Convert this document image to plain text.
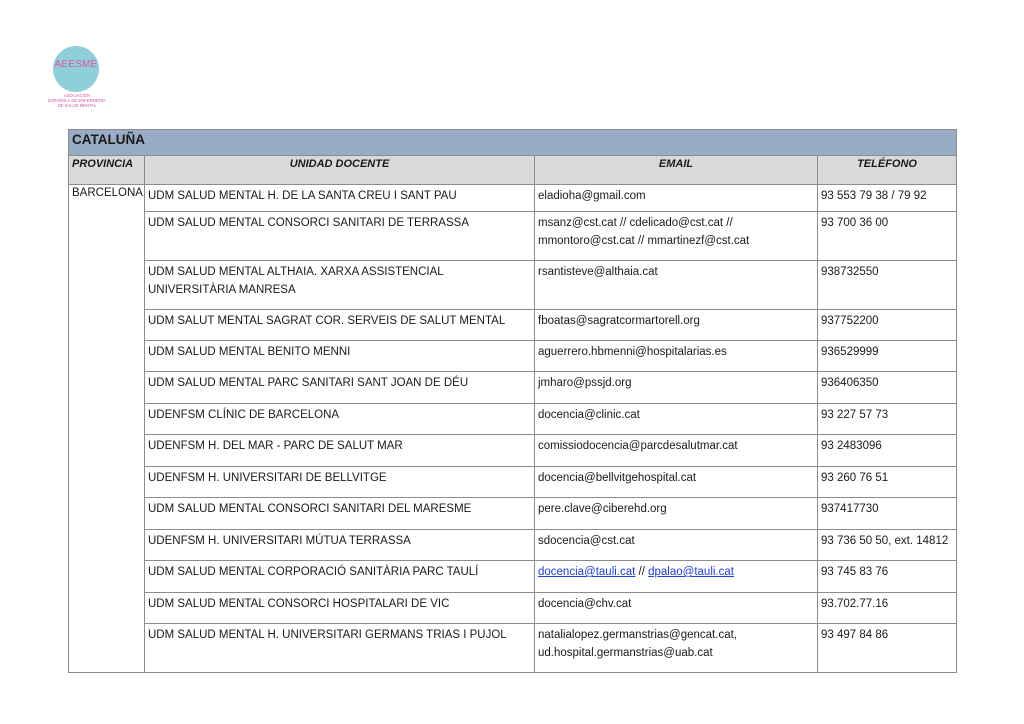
AEESME
ASOCIACIÓN
ESPAÑOLA DE ENFERMERÍA
DE SALUD MENTAL
CATALUÑA			
PROVINCIA	UNIDAD DOCENTE	EMAIL	TELÉFONO
BARCELONA	UDM SALUD MENTAL H. DE LA SANTA CREU I SANT PAU	eladioha@gmail.com	93 553 79 38 / 79 92
	UDM SALUD MENTAL CONSORCI SANITARI DE TERRASSA	msanz@cst.cat // cdelicado@cst.cat //
mmontoro@cst.cat // mmartinezf@cst.cat	93 700 36 00
	UDM SALUD MENTAL ALTHAIA. XARXA ASSISTENCIAL UNIVERSITÀRIA MANRESA	rsantisteve@althaia.cat	938732550
	UDM SALUT MENTAL SAGRAT COR. SERVEIS DE SALUT MENTAL	fboatas@sagratcormartorell.org	937752200
	UDM SALUD MENTAL BENITO MENNI	aguerrero.hbmenni@hospitalarias.es	936529999
	UDM SALUD MENTAL PARC SANITARI SANT JOAN DE DÉU	jmharo@pssjd.org	936406350
	UDENFSM CLÍNIC DE BARCELONA	docencia@clinic.cat	93 227 57 73
	UDENFSM H. DEL MAR - PARC DE SALUT MAR	comissiodocencia@parcdesalutmar.cat	93 2483096
	UDENFSM H. UNIVERSITARI DE BELLVITGE	docencia@bellvitgehospital.cat	93 260 76 51
	UDM SALUD MENTAL CONSORCI SANITARI DEL MARESME	pere.clave@ciberehd.org	937417730
	UDENFSM H. UNIVERSITARI MÚTUA TERRASSA	sdocencia@cst.cat	93 736 50 50, ext. 14812
	UDM SALUD MENTAL CORPORACIÓ SANITÀRIA PARC TAULÍ	docencia@tauli.cat // dpalao@tauli.cat	93 745 83 76
	UDM SALUD MENTAL CONSORCI HOSPITALARI DE VIC	docencia@chv.cat	93.702.77.16
	UDM SALUD MENTAL H. UNIVERSITARI GERMANS TRIAS I PUJOL	natalialopez.germanstrias@gencat.cat,
ud.hospital.germanstrias@uab.cat	93 497 84 86
